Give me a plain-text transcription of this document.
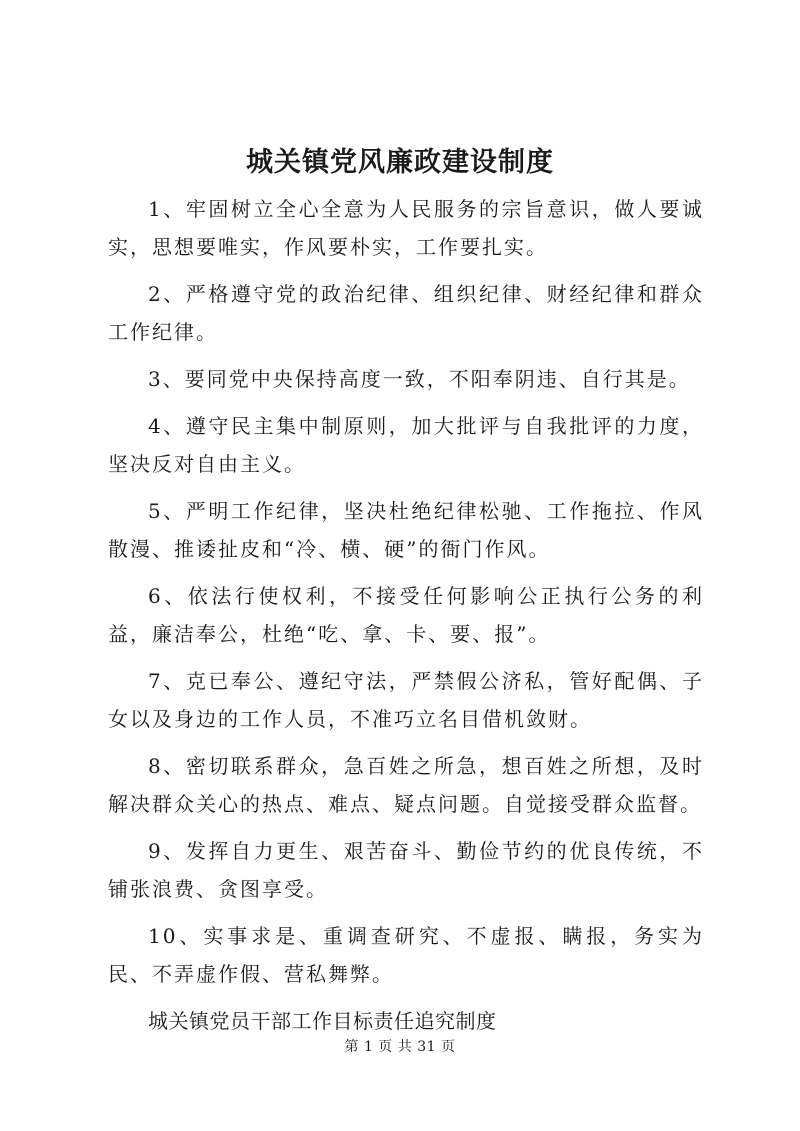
城关镇党风廉政建设制度

1、牢固树立全心全意为人民服务的宗旨意识，做人要诚实，思想要唯实，作风要朴实，工作要扎实。

2、严格遵守党的政治纪律、组织纪律、财经纪律和群众工作纪律。

3、要同党中央保持高度一致，不阳奉阴违、自行其是。

4、遵守民主集中制原则，加大批评与自我批评的力度，坚决反对自由主义。

5、严明工作纪律，坚决杜绝纪律松驰、工作拖拉、作风散漫、推诿扯皮和“冷、横、硬”的衙门作风。

6、依法行使权利，不接受任何影响公正执行公务的利益，廉洁奉公，杜绝“吃、拿、卡、要、报”。

7、克已奉公、遵纪守法，严禁假公济私，管好配偶、子女以及身边的工作人员，不准巧立名目借机敛财。

8、密切联系群众，急百姓之所急，想百姓之所想，及时解决群众关心的热点、难点、疑点问题。自觉接受群众监督。

9、发挥自力更生、艰苦奋斗、勤俭节约的优良传统，不铺张浪费、贪图享受。

10、实事求是、重调查研究、不虚报、瞒报，务实为民、不弄虚作假、营私舞弊。

城关镇党员干部工作目标责任追究制度

第 1 页 共 31 页
